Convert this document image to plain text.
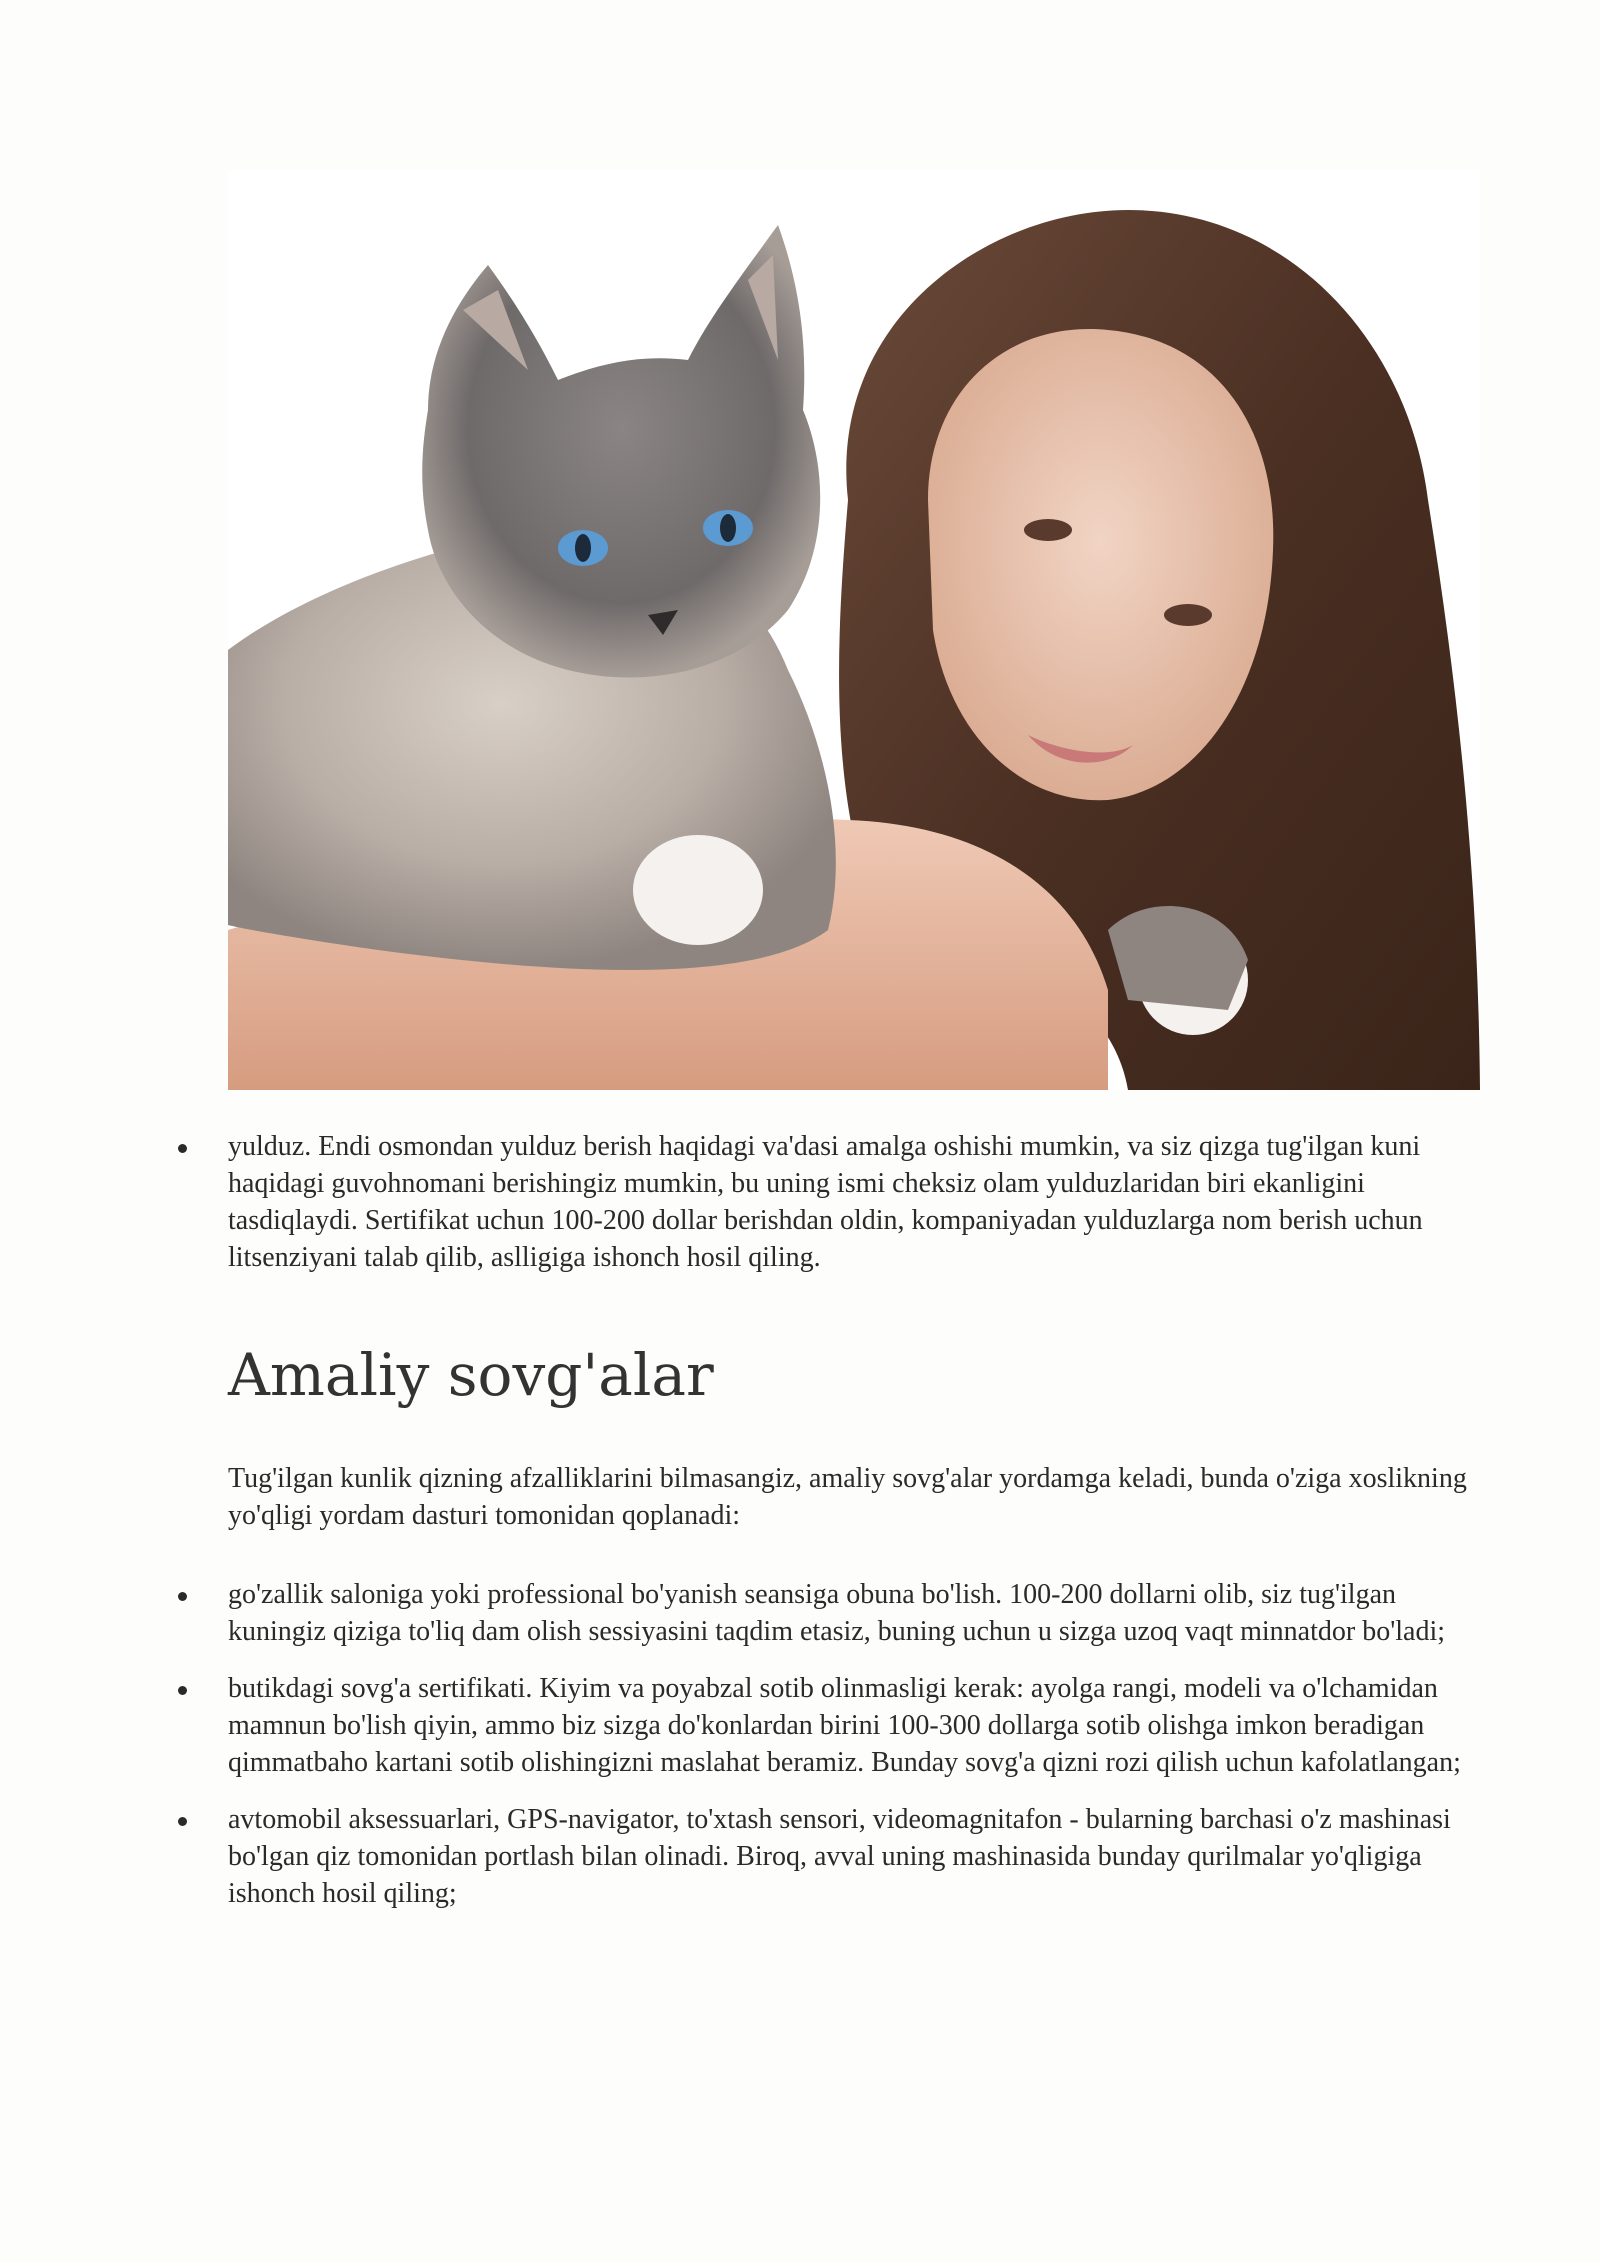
yulduz. Endi osmondan yulduz berish haqidagi va'dasi amalga oshishi mumkin, va siz qizga tug'ilgan kuni haqidagi guvohnomani berishingiz mumkin, bu uning ismi cheksiz olam yulduzlaridan biri ekanligini tasdiqlaydi. Sertifikat uchun 100-200 dollar berishdan oldin, kompaniyadan yulduzlarga nom berish uchun litsenziyani talab qilib, aslligiga ishonch hosil qiling.
Amaliy sovg'alar

Tug'ilgan kunlik qizning afzalliklarini bilmasangiz, amaliy sovg'alar yordamga keladi, bunda o'ziga xoslikning yo'qligi yordam dasturi tomonidan qoplanadi:

go'zallik saloniga yoki professional bo'yanish seansiga obuna bo'lish. 100-200 dollarni olib, siz tug'ilgan kuningiz qiziga to'liq dam olish sessiyasini taqdim etasiz, buning uchun u sizga uzoq vaqt minnatdor bo'ladi;
butikdagi sovg'a sertifikati. Kiyim va poyabzal sotib olinmasligi kerak: ayolga rangi, modeli va o'lchamidan mamnun bo'lish qiyin, ammo biz sizga do'konlardan birini 100-300 dollarga sotib olishga imkon beradigan qimmatbaho kartani sotib olishingizni maslahat beramiz. Bunday sovg'a qizni rozi qilish uchun kafolatlangan;
avtomobil aksessuarlari, GPS-navigator, to'xtash sensori, videomagnitafon - bularning barchasi o'z mashinasi bo'lgan qiz tomonidan portlash bilan olinadi. Biroq, avval uning mashinasida bunday qurilmalar yo'qligiga ishonch hosil qiling;
